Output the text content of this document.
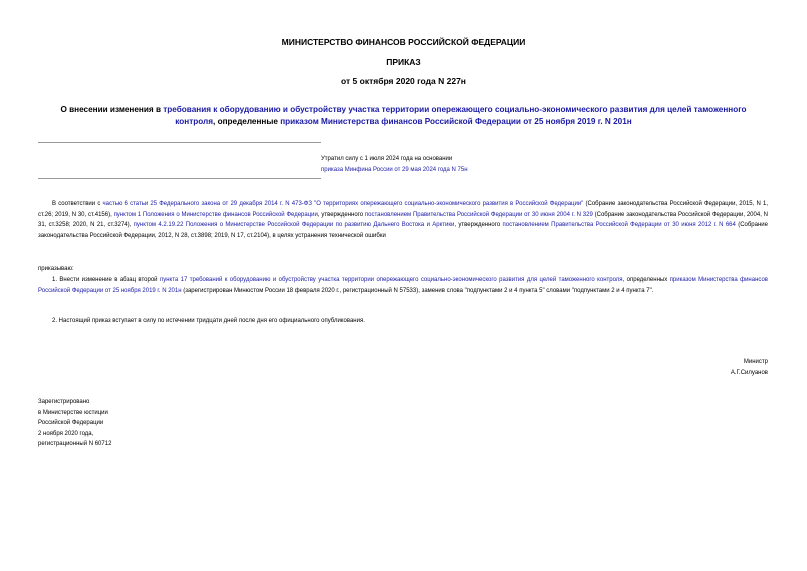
МИНИСТЕРСТВО ФИНАНСОВ РОССИЙСКОЙ ФЕДЕРАЦИИ
ПРИКАЗ
от 5 октября 2020 года N 227н
О внесении изменения в требования к оборудованию и обустройству участка территории опережающего социально-экономического развития для целей таможенного контроля, определенные приказом Министерства финансов Российской Федерации от 25 ноября 2019 г. N 201н
Утратил силу с 1 июля 2024 года на основании
приказа Минфина России от 29 мая 2024 года N 75н
В соответствии с частью 6 статьи 25 Федерального закона от 29 декабря 2014 г. N 473-ФЗ "О территориях опережающего социально-экономического развития в Российской Федерации" (Собрание законодательства Российской Федерации, 2015, N 1, ст.26; 2019, N 30, ст.4156), пунктом 1 Положения о Министерстве финансов Российской Федерации, утвержденного постановлением Правительства Российской Федерации от 30 июня 2004 г. N 329 (Собрание законодательства Российской Федерации, 2004, N 31, ст.3258; 2020, N 21, ст.3274), пунктом 4.2.19.22 Положения о Министерстве Российской Федерации по развитию Дальнего Востока и Арктики, утвержденного постановлением Правительства Российской Федерации от 30 июня 2012 г. N 664 (Собрание законодательства Российской Федерации, 2012, N 28, ст.3898; 2019, N 17, ст.2104), в целях устранения технической ошибки
приказываю:
1. Внести изменение в абзац второй пункта 17 требований к оборудованию и обустройству участка территории опережающего социально-экономического развития для целей таможенного контроля, определенных приказом Министерства финансов Российской Федерации от 25 ноября 2019 г. N 201н (зарегистрирован Минюстом России 18 февраля 2020 г., регистрационный N 57533), заменив слова "подпунктами 2 и 4 пункта 5" словами "подпунктами 2 и 4 пункта 7".
2. Настоящий приказ вступает в силу по истечении тридцати дней после дня его официального опубликования.
Министр
А.Г.Силуанов
Зарегистрировано
в Министерстве юстиции
Российской Федерации
2 ноября 2020 года,
регистрационный N 60712
